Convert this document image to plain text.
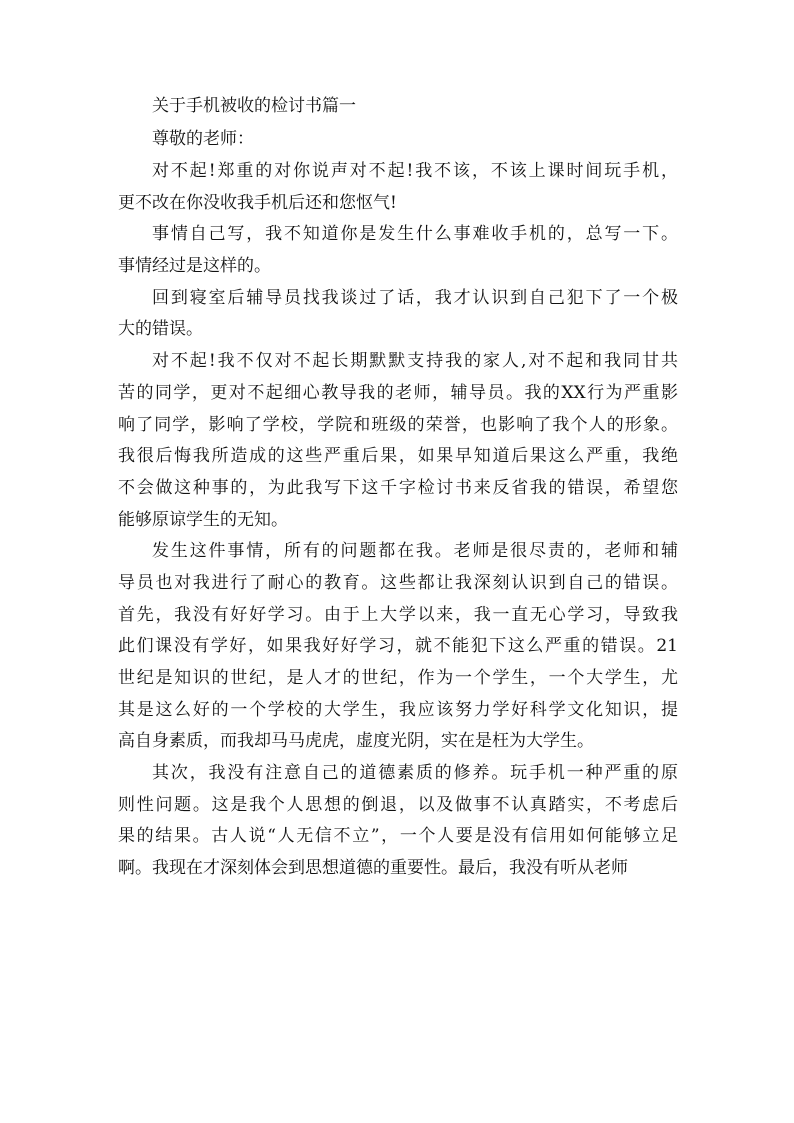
关于手机被收的检讨书篇一

尊敬的老师：

对不起!郑重的对你说声对不起!我不该，不该上课时间玩手机，
更不改在你没收我手机后还和您怄气!

事情自己写，我不知道你是发生什么事难收手机的，总写一下。
事情经过是这样的。

回到寝室后辅导员找我谈过了话，我才认识到自己犯下了一个极
大的错误。

对不起!我不仅对不起长期默默支持我的家人,对不起和我同甘共
苦的同学，更对不起细心教导我的老师，辅导员。我的XX行为严重影
响了同学，影响了学校，学院和班级的荣誉，也影响了我个人的形象。
我很后悔我所造成的这些严重后果，如果早知道后果这么严重，我绝
不会做这种事的，为此我写下这千字检讨书来反省我的错误，希望您
能够原谅学生的无知。

发生这件事情，所有的问题都在我。老师是很尽责的，老师和辅
导员也对我进行了耐心的教育。这些都让我深刻认识到自己的错误。
首先，我没有好好学习。由于上大学以来，我一直无心学习，导致我
此们课没有学好，如果我好好学习，就不能犯下这么严重的错误。21
世纪是知识的世纪，是人才的世纪，作为一个学生，一个大学生，尤
其是这么好的一个学校的大学生，我应该努力学好科学文化知识，提
高自身素质，而我却马马虎虎，虚度光阴，实在是枉为大学生。

其次，我没有注意自己的道德素质的修养。玩手机一种严重的原
则性问题。这是我个人思想的倒退，以及做事不认真踏实，不考虑后
果的结果。古人说“人无信不立”，一个人要是没有信用如何能够立足
啊。我现在才深刻体会到思想道德的重要性。最后，我没有听从老师
